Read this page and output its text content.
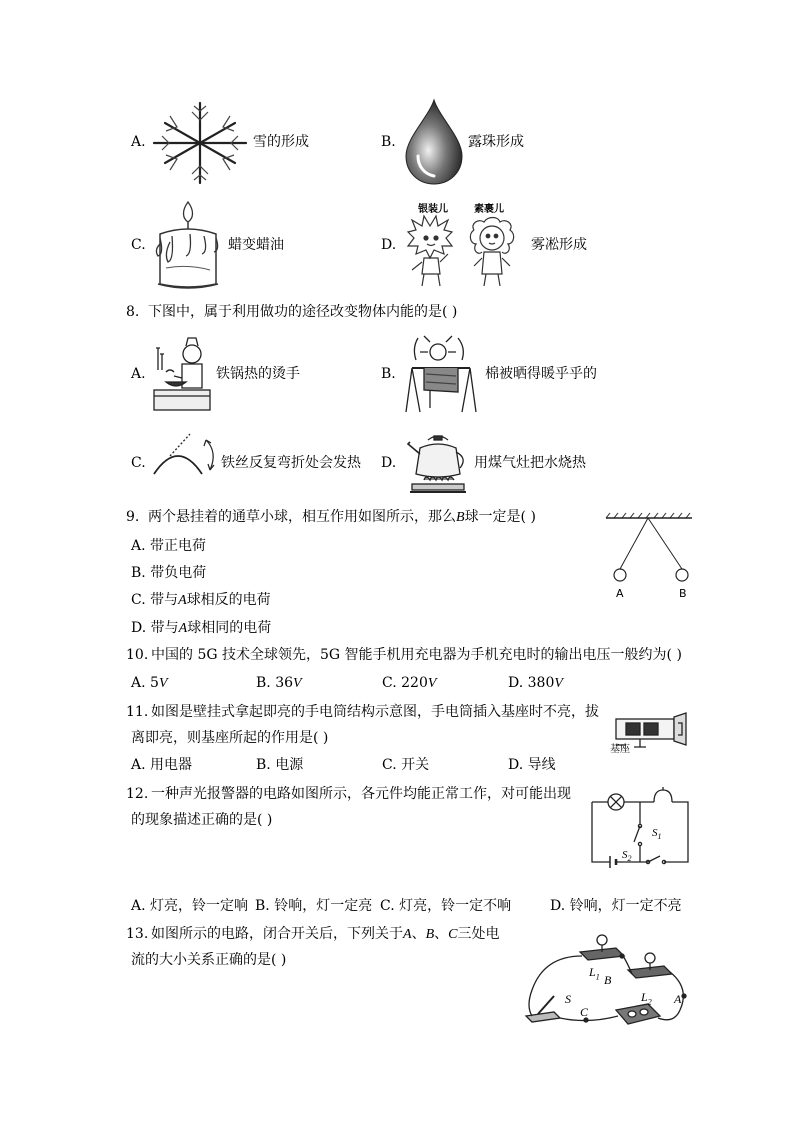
A.	雪的形成	B.	露珠形成
C.	蜡变蜡油	D.
银装儿	素裹儿
雾凇形成
8. 下图中，属于利用做功的途径改变物体内能的是( )
A.	铁锅热的烫手	B.	棉被晒得暖乎乎的
C.	铁丝反复弯折处会发热 D.	用煤气灶把水烧热
9. 两个悬挂着的通草小球，相互作用如图所示，那么B球一定是( )
A. 带正电荷
B. 带负电荷
C. 带与A球相反的电荷
D. 带与A球相同的电荷
A	B
10. 中国的 5G 技术全球领先，5G 智能手机用充电器为手机充电时的输出电压一般约为( )
A. 5V	B. 36V	C. 220V	D. 380V
11. 如图是壁挂式拿起即亮的手电筒结构示意图，手电筒插入基座时不亮，拔
离即亮，则基座所起的作用是( )
基座
A. 用电器	B. 电源	C. 开关	D. 导线
12. 一种声光报警器的电路如图所示，各元件均能正常工作，对可能出现
的现象描述正确的是( )
$S_1$
$S_2$
A. 灯亮，铃一定响 B. 铃响，灯一定亮 C. 灯亮，铃一定不响	D. 铃响，灯一定不亮
13. 如图所示的电路，闭合开关后，下列关于A、B、C三处电
流的大小关系正确的是( )
$L_1$ B
$L_2$ A
S
C
